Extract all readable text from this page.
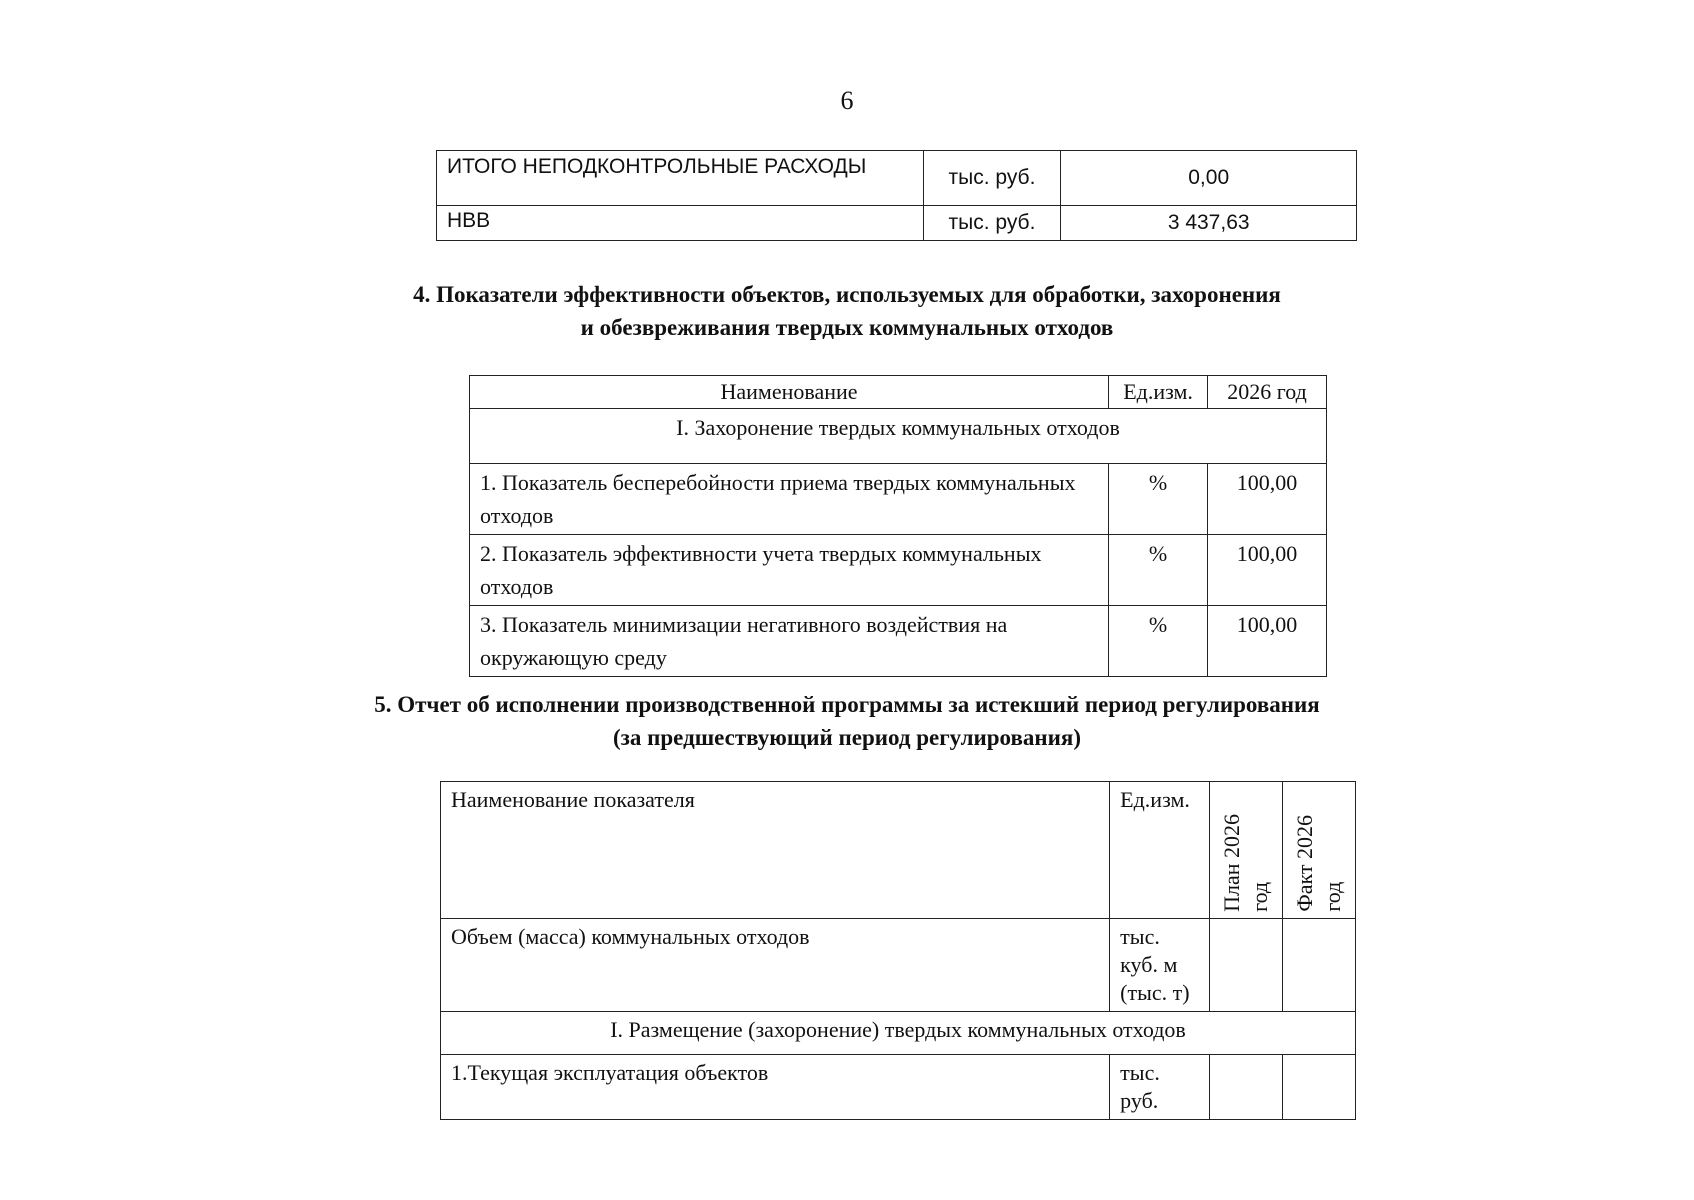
6
ИТОГО НЕПОДКОНТРОЛЬНЫЕ РАСХОДЫ	тыс. руб.	0,00
НВВ	тыс. руб.	3 437,63
4. Показатели эффективности объектов, используемых для обработки, захоронения
и обезвреживания твердых коммунальных отходов
Наименование	Ед.изм.	2026 год
I. Захоронение твердых коммунальных отходов		
1. Показатель бесперебойности приема твердых коммунальных отходов	%	100,00
2. Показатель эффективности учета твердых коммунальных отходов	%	100,00
3. Показатель минимизации негативного воздействия на окружающую среду	%	100,00
5. Отчет об исполнении производственной программы за истекший период регулирования
(за предшествующий период регулирования)
Наименование показателя	Ед.изм.	План 2026 год	Факт 2026 год

Объем (масса) коммунальных отходов	тыс. куб. м (тыс. т)		
I. Размещение (захоронение) твердых коммунальных отходов			
1.Текущая эксплуатация объектов	тыс. руб.		
